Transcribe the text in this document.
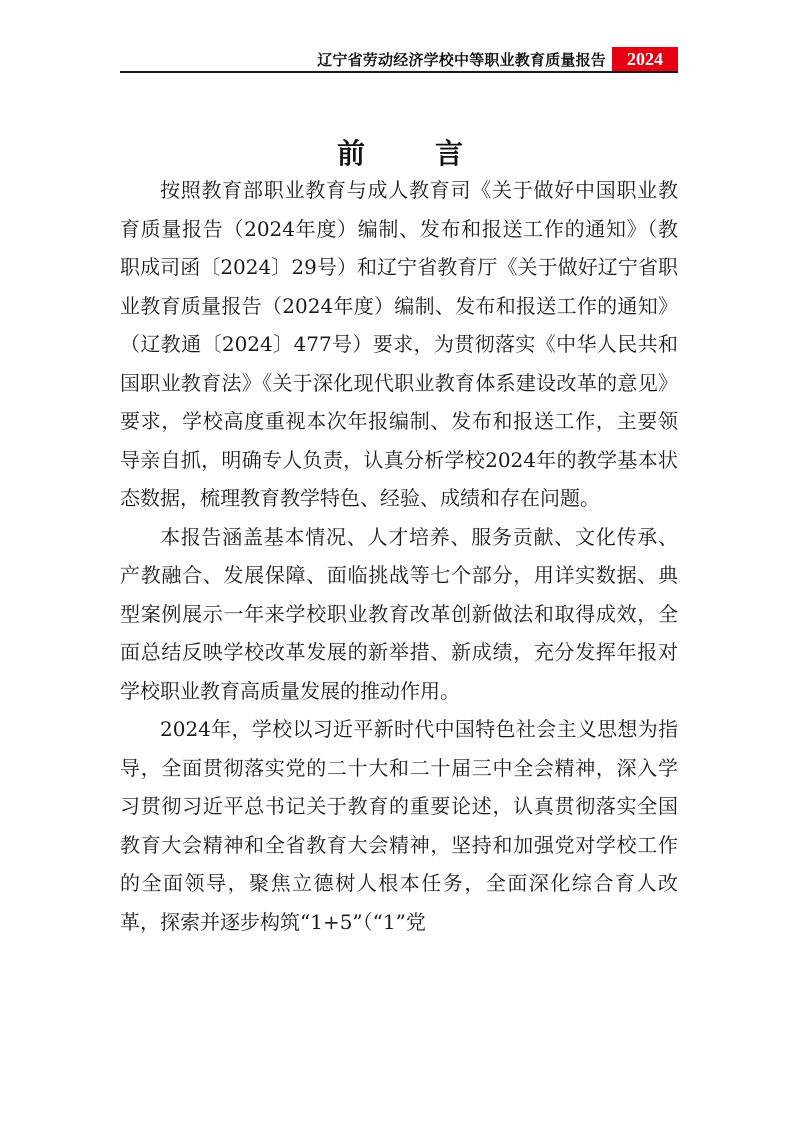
辽宁省劳动经济学校中等职业教育质量报告	2024
前言

按照教育部职业教育与成人教育司《关于做好中国职业教育质量报告（2024年度）编制、发布和报送工作的通知》（教职成司函〔2024〕29号）和辽宁省教育厅《关于做好辽宁省职业教育质量报告（2024年度）编制、发布和报送工作的通知》（辽教通〔2024〕477号）要求，为贯彻落实《中华人民共和国职业教育法》《关于深化现代职业教育体系建设改革的意见》要求，学校高度重视本次年报编制、发布和报送工作，主要领导亲自抓，明确专人负责，认真分析学校2024年的教学基本状态数据，梳理教育教学特色、经验、成绩和存在问题。

本报告涵盖基本情况、人才培养、服务贡献、文化传承、产教融合、发展保障、面临挑战等七个部分，用详实数据、典型案例展示一年来学校职业教育改革创新做法和取得成效，全面总结反映学校改革发展的新举措、新成绩，充分发挥年报对学校职业教育高质量发展的推动作用。

2024年，学校以习近平新时代中国特色社会主义思想为指导，全面贯彻落实党的二十大和二十届三中全会精神，深入学习贯彻习近平总书记关于教育的重要论述，认真贯彻落实全国教育大会精神和全省教育大会精神，坚持和加强党对学校工作的全面领导，聚焦立德树人根本任务，全面深化综合育人改革，探索并逐步构筑“1+5”（“1”党
